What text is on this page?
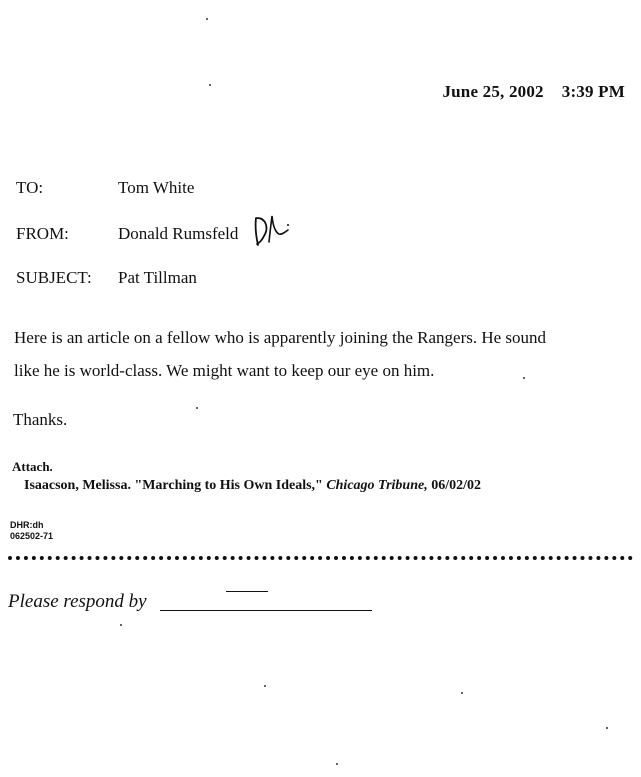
June 25, 2002 3:39 PM
TO:	Tom White
FROM:	Donald Rumsfeld
SUBJECT: Pat Tillman

Here is an article on a fellow who is apparently joining the Rangers. He sound

like he is world-class. We might want to keep our eye on him.

Thanks.
Attach.
Isaacson, Melissa. "Marching to His Own Ideals," Chicago Tribune, 06/02/02
DHR:dh
062502-71
Please respond by
